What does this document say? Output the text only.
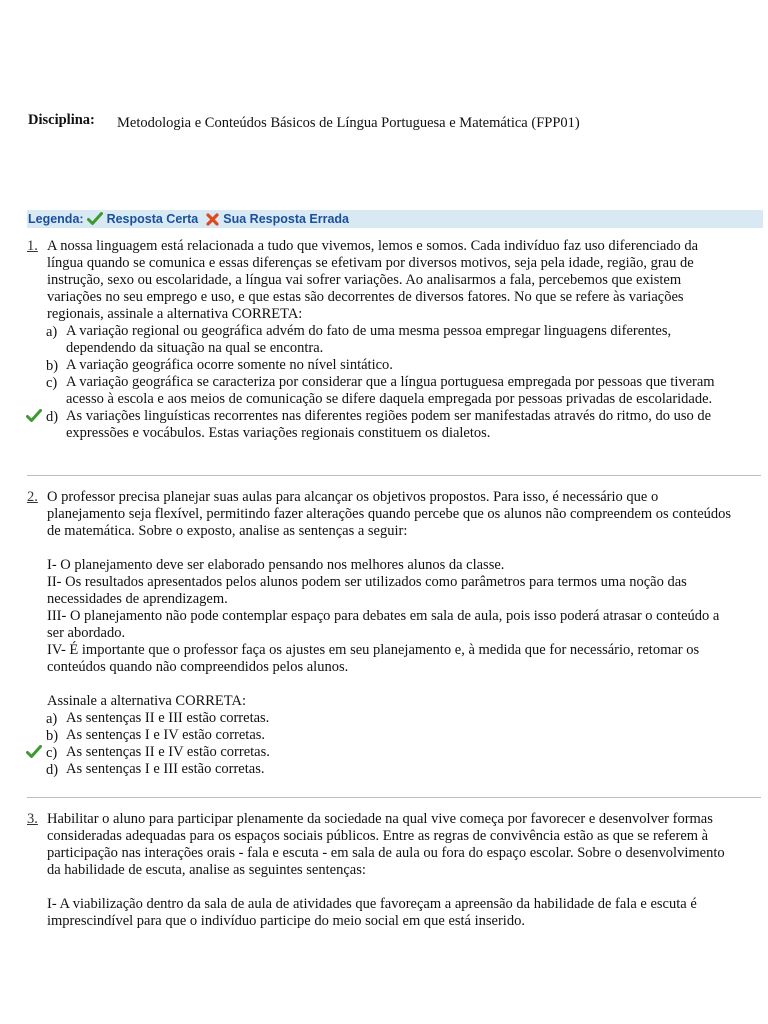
Disciplina: Metodologia e Conteúdos Básicos de Língua Portuguesa e Matemática (FPP01)
Legenda: Resposta Certa Sua Resposta Errada
1. A nossa linguagem está relacionada a tudo que vivemos, lemos e somos. Cada indivíduo faz uso diferenciado da língua quando se comunica e essas diferenças se efetivam por diversos motivos, seja pela idade, região, grau de instrução, sexo ou escolaridade, a língua vai sofrer variações. Ao analisarmos a fala, percebemos que existem variações no seu emprego e uso, e que estas são decorrentes de diversos fatores. No que se refere às variações regionais, assinale a alternativa CORRETA:

a) A variação regional ou geográfica advém do fato de uma mesma pessoa empregar linguagens diferentes, dependendo da situação na qual se encontra.
b) A variação geográfica ocorre somente no nível sintático.
c) A variação geográfica se caracteriza por considerar que a língua portuguesa empregada por pessoas que tiveram acesso à escola e aos meios de comunicação se difere daquela empregada por pessoas privadas de escolaridade.
d) As variações linguísticas recorrentes nas diferentes regiões podem ser manifestadas através do ritmo, do uso de expressões e vocábulos. Estas variações regionais constituem os dialetos.
2. O professor precisa planejar suas aulas para alcançar os objetivos propostos. Para isso, é necessário que o planejamento seja flexível, permitindo fazer alterações quando percebe que os alunos não compreendem os conteúdos de matemática. Sobre o exposto, analise as sentenças a seguir:

I- O planejamento deve ser elaborado pensando nos melhores alunos da classe.

II- Os resultados apresentados pelos alunos podem ser utilizados como parâmetros para termos uma noção das necessidades de aprendizagem.

III- O planejamento não pode contemplar espaço para debates em sala de aula, pois isso poderá atrasar o conteúdo a ser abordado.

IV- É importante que o professor faça os ajustes em seu planejamento e, à medida que for necessário, retomar os conteúdos quando não compreendidos pelos alunos.

Assinale a alternativa CORRETA:

a) As sentenças II e III estão corretas.
b) As sentenças I e IV estão corretas.
c) As sentenças II e IV estão corretas.
d) As sentenças I e III estão corretas.
3. Habilitar o aluno para participar plenamente da sociedade na qual vive começa por favorecer e desenvolver formas consideradas adequadas para os espaços sociais públicos. Entre as regras de convivência estão as que se referem à participação nas interações orais - fala e escuta - em sala de aula ou fora do espaço escolar. Sobre o desenvolvimento da habilidade de escuta, analise as seguintes sentenças:

I- A viabilização dentro da sala de aula de atividades que favoreçam a apreensão da habilidade de fala e escuta é imprescindível para que o indivíduo participe do meio social em que está inserido.
